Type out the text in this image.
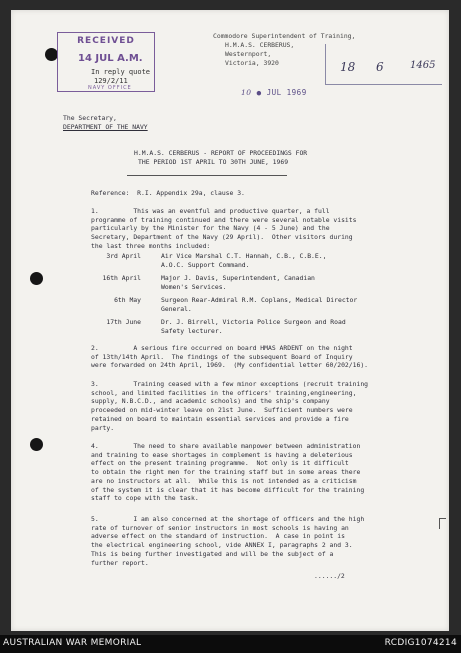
RECEIVED
14 JUL A.M.
In reply quote
129/2/11
NAVY OFFICE
Commodore Superintendent of Training,
H.M.A.S. CERBERUS,
Westernport,
Victoria, 3920	18 6	1465
10 ● JUL 1969
The Secretary,
DEPARTMENT OF THE NAVY
H.M.A.S. CERBERUS - REPORT OF PROCEEDINGS FOR
THE PERIOD 1ST APRIL TO 30TH JUNE, 1969
Reference:  R.I. Appendix 29a, clause 3.
1.         This was an eventful and productive quarter, a full
programme of training continued and there were several notable visits
particularly by the Minister for the Navy (4 - 5 June) and the
Secretary, Department of the Navy (29 April).  Other visitors during
the last three months included:
3rd April	Air Vice Marshal C.T. Hannah, C.B., C.B.E.,
A.O.C. Support Command.
16th April	Major J. Davis, Superintendent, Canadian
Women's Services.
6th May	Surgeon Rear-Admiral R.M. Coplans, Medical Director
General.
17th June	Dr. J. Birrell, Victoria Police Surgeon and Road
Safety lecturer.
2.         A serious fire occurred on board HMAS ARDENT on the night
of 13th/14th April.  The findings of the subsequent Board of Inquiry
were forwarded on 24th April, 1969.  (My confidential letter 60/202/16).
3.         Training ceased with a few minor exceptions (recruit training
school, and limited facilities in the officers' training,engineering,
supply, N.B.C.D., and academic schools) and the ship's company
proceeded on mid-winter leave on 21st June.  Sufficient numbers were
retained on board to maintain essential services and provide a fire
party.
4.         The need to share available manpower between administration
and training to ease shortages in complement is having a deleterious
effect on the present training programme.  Not only is it difficult
to obtain the right men for the training staff but in some areas there
are no instructors at all.  While this is not intended as a criticism
of the system it is clear that it has become difficult for the training
staff to cope with the task.
5.         I am also concerned at the shortage of officers and the high
rate of turnover of senior instructors in most schools is having an
adverse effect on the standard of instruction.  A case in point is
the electrical engineering school, vide ANNEX I, paragraphs 2 and 3.
This is being further investigated and will be the subject of a
further report.
....../2
AUSTRALIAN WAR MEMORIAL	RCDIG1074214
